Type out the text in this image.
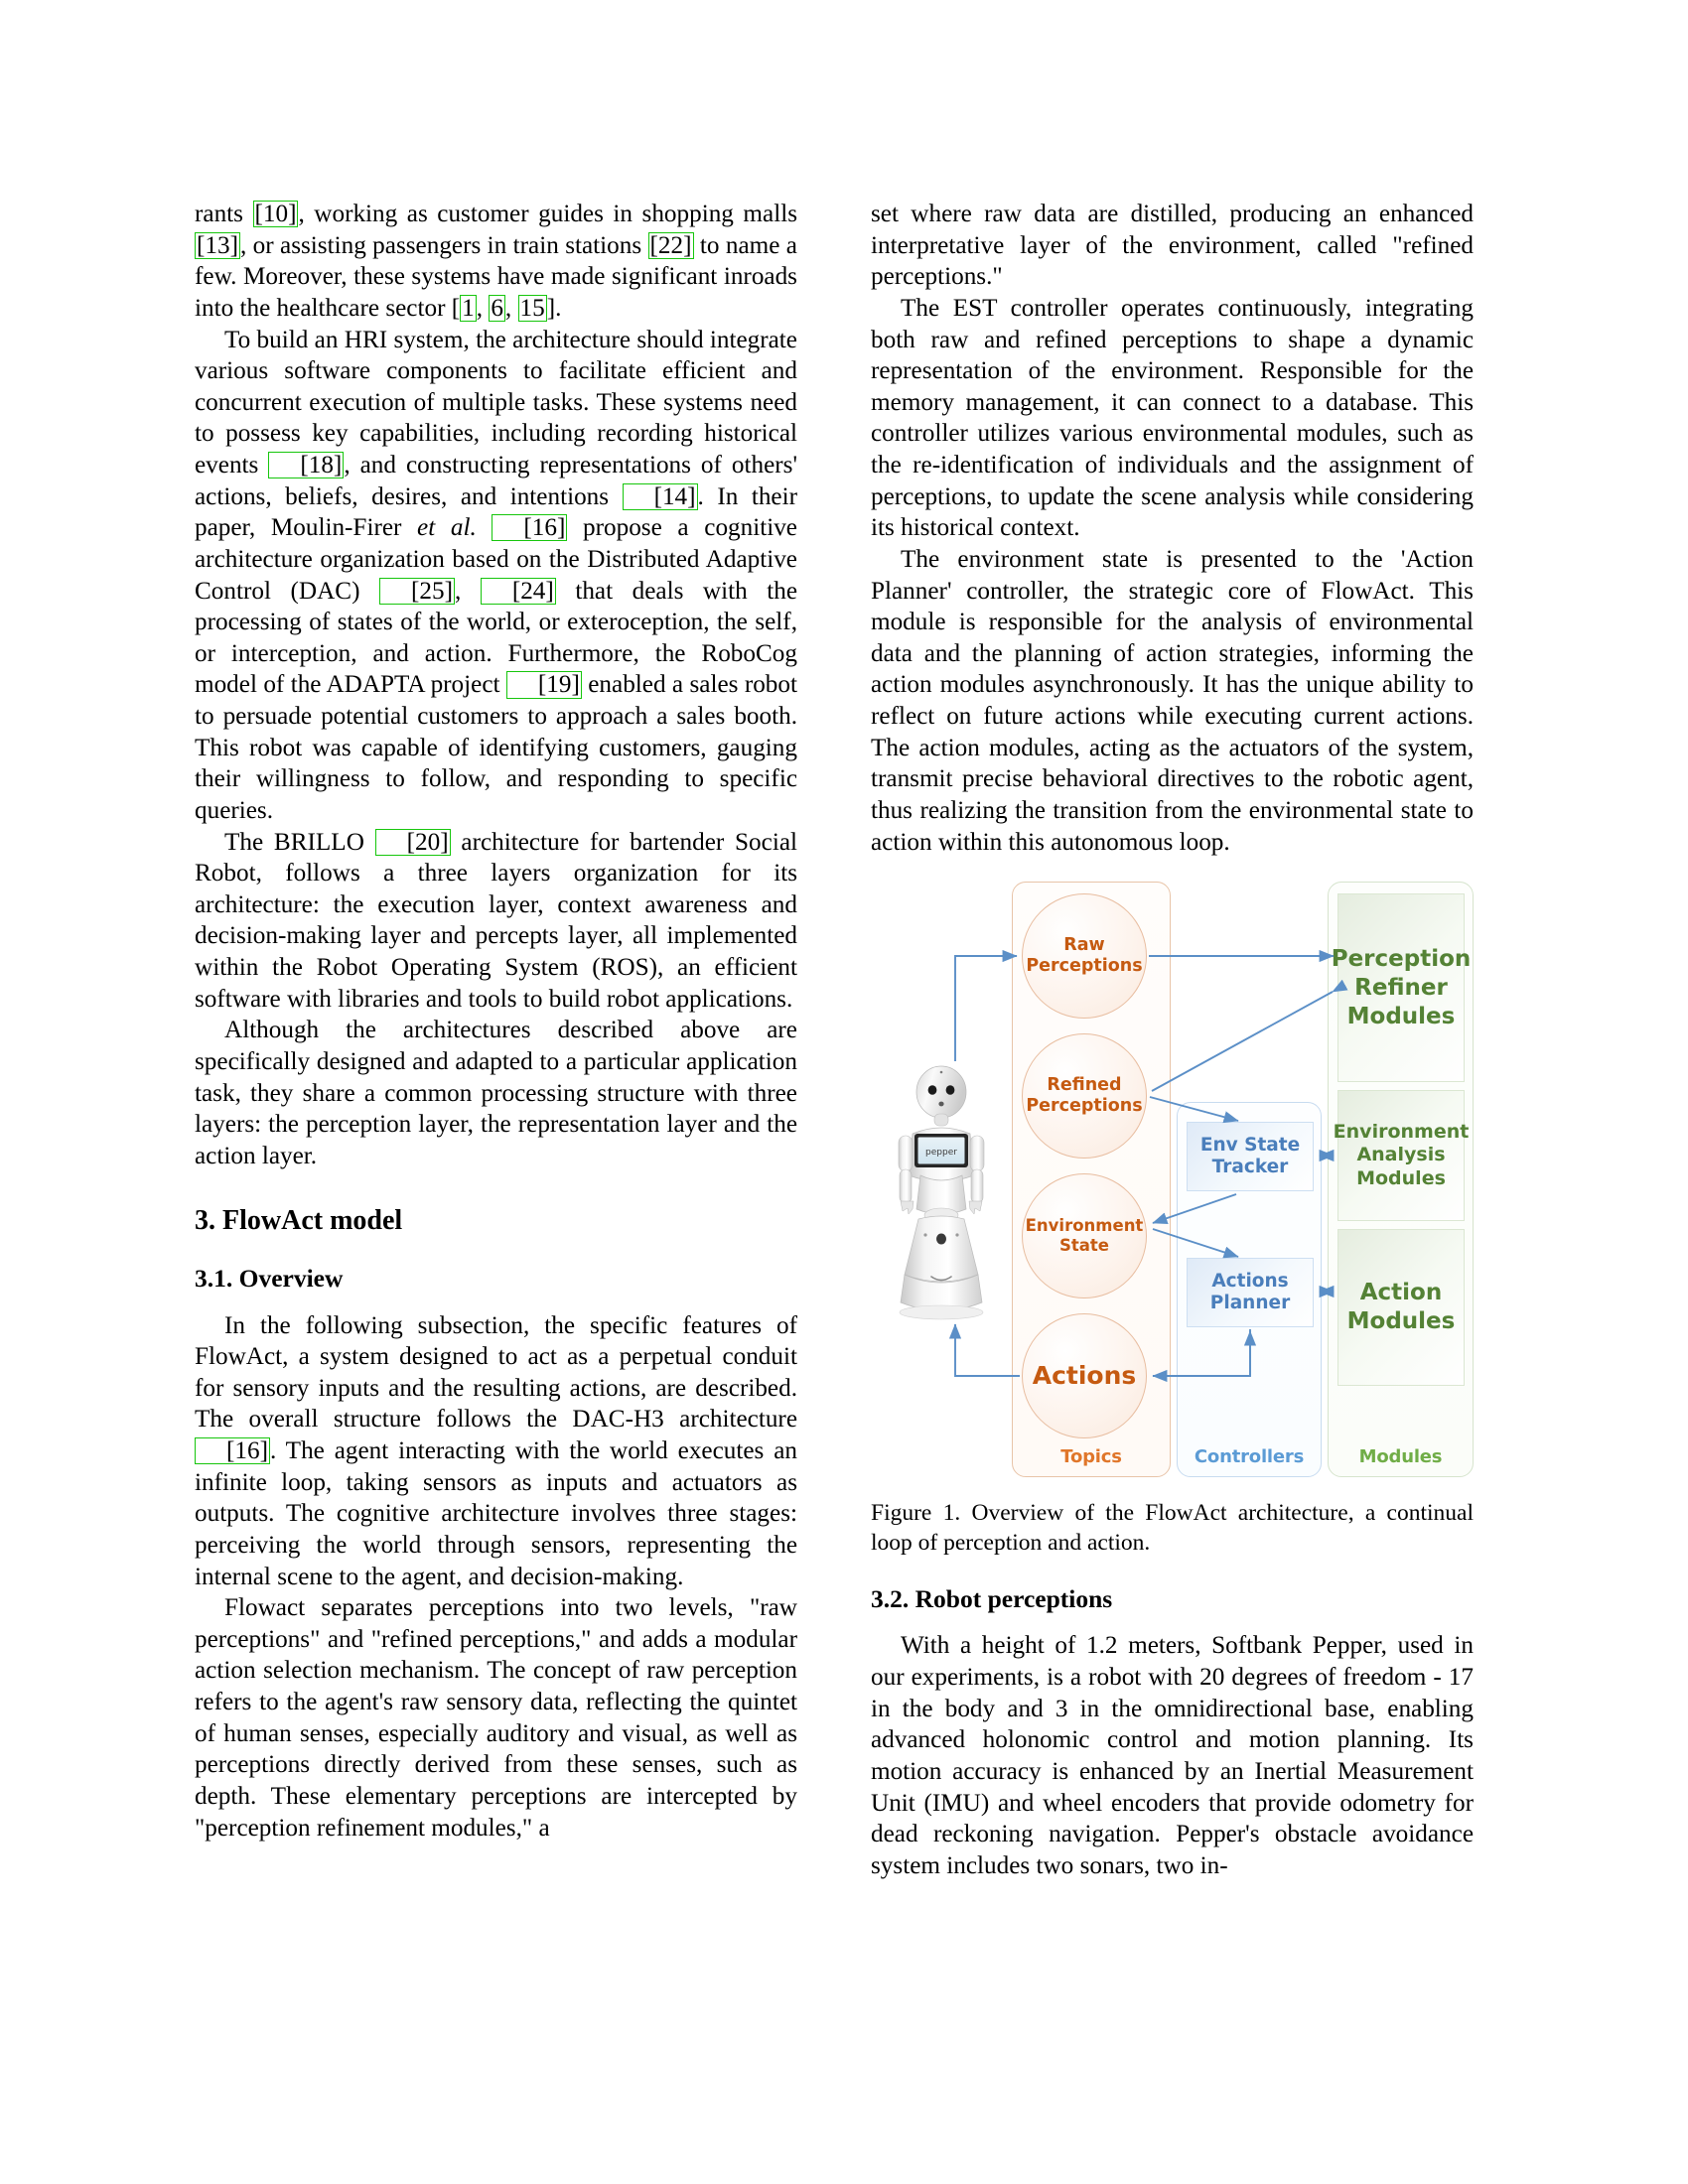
rants [10], working as customer guides in shopping malls [13], or assisting passengers in train stations [22] to name a few. Moreover, these systems have made significant inroads into the healthcare sector [1, 6, 15].

To build an HRI system, the architecture should integrate various software components to facilitate efficient and concurrent execution of multiple tasks. These systems need to possess key capabilities, including recording historical events [18], and constructing representations of others' actions, beliefs, desires, and intentions [14]. In their paper, Moulin-Firer et al. [16] propose a cognitive architecture organization based on the Distributed Adaptive Control (DAC) [25], [24] that deals with the processing of states of the world, or exteroception, the self, or interception, and action. Furthermore, the RoboCog model of the ADAPTA project [19] enabled a sales robot to persuade potential customers to approach a sales booth. This robot was capable of identifying customers, gauging their willingness to follow, and responding to specific queries.

The BRILLO [20] architecture for bartender Social Robot, follows a three layers organization for its architecture: the execution layer, context awareness and decision-making layer and percepts layer, all implemented within the Robot Operating System (ROS), an efficient software with libraries and tools to build robot applications.

Although the architectures described above are specifically designed and adapted to a particular application task, they share a common processing structure with three layers: the perception layer, the representation layer and the action layer.

3. FlowAct model
3.1. Overview

In the following subsection, the specific features of FlowAct, a system designed to act as a perpetual conduit for sensory inputs and the resulting actions, are described. The overall structure follows the DAC-H3 architecture [16]. The agent interacting with the world executes an infinite loop, taking sensors as inputs and actuators as outputs. The cognitive architecture involves three stages: perceiving the world through sensors, representing the internal scene to the agent, and decision-making.

Flowact separates perceptions into two levels, "raw perceptions" and "refined perceptions," and adds a modular action selection mechanism. The concept of raw perception refers to the agent's raw sensory data, reflecting the quintet of human senses, especially auditory and visual, as well as perceptions directly derived from these senses, such as depth. These elementary perceptions are intercepted by "perception refinement modules," a

set where raw data are distilled, producing an enhanced interpretative layer of the environment, called "refined perceptions."

The EST controller operates continuously, integrating both raw and refined perceptions to shape a dynamic representation of the environment. Responsible for the memory management, it can connect to a database. This controller utilizes various environmental modules, such as the re-identification of individuals and the assignment of perceptions, to update the scene analysis while considering its historical context.

The environment state is presented to the 'Action Planner' controller, the strategic core of FlowAct. This module is responsible for the analysis of environmental data and the planning of action strategies, informing the action modules asynchronously. It has the unique ability to reflect on future actions while executing current actions. The action modules, acting as the actuators of the system, transmit precise behavioral directives to the robotic agent, thus realizing the transition from the environmental state to action within this autonomous loop.

Topics	Controllers	Modules
pepper
Raw
Perceptions
Refined
Perceptions
Environment
State
Actions
Env State
Tracker
Actions
Planner
Perception
Refiner
Modules
Environment
Analysis
Modules
Action
Modules

Figure 1. Overview of the FlowAct architecture, a continual loop of perception and action.

3.2. Robot perceptions

With a height of 1.2 meters, Softbank Pepper, used in our experiments, is a robot with 20 degrees of freedom - 17 in the body and 3 in the omnidirectional base, enabling advanced holonomic control and motion planning. Its motion accuracy is enhanced by an Inertial Measurement Unit (IMU) and wheel encoders that provide odometry for dead reckoning navigation. Pepper's obstacle avoidance system includes two sonars, two in-
